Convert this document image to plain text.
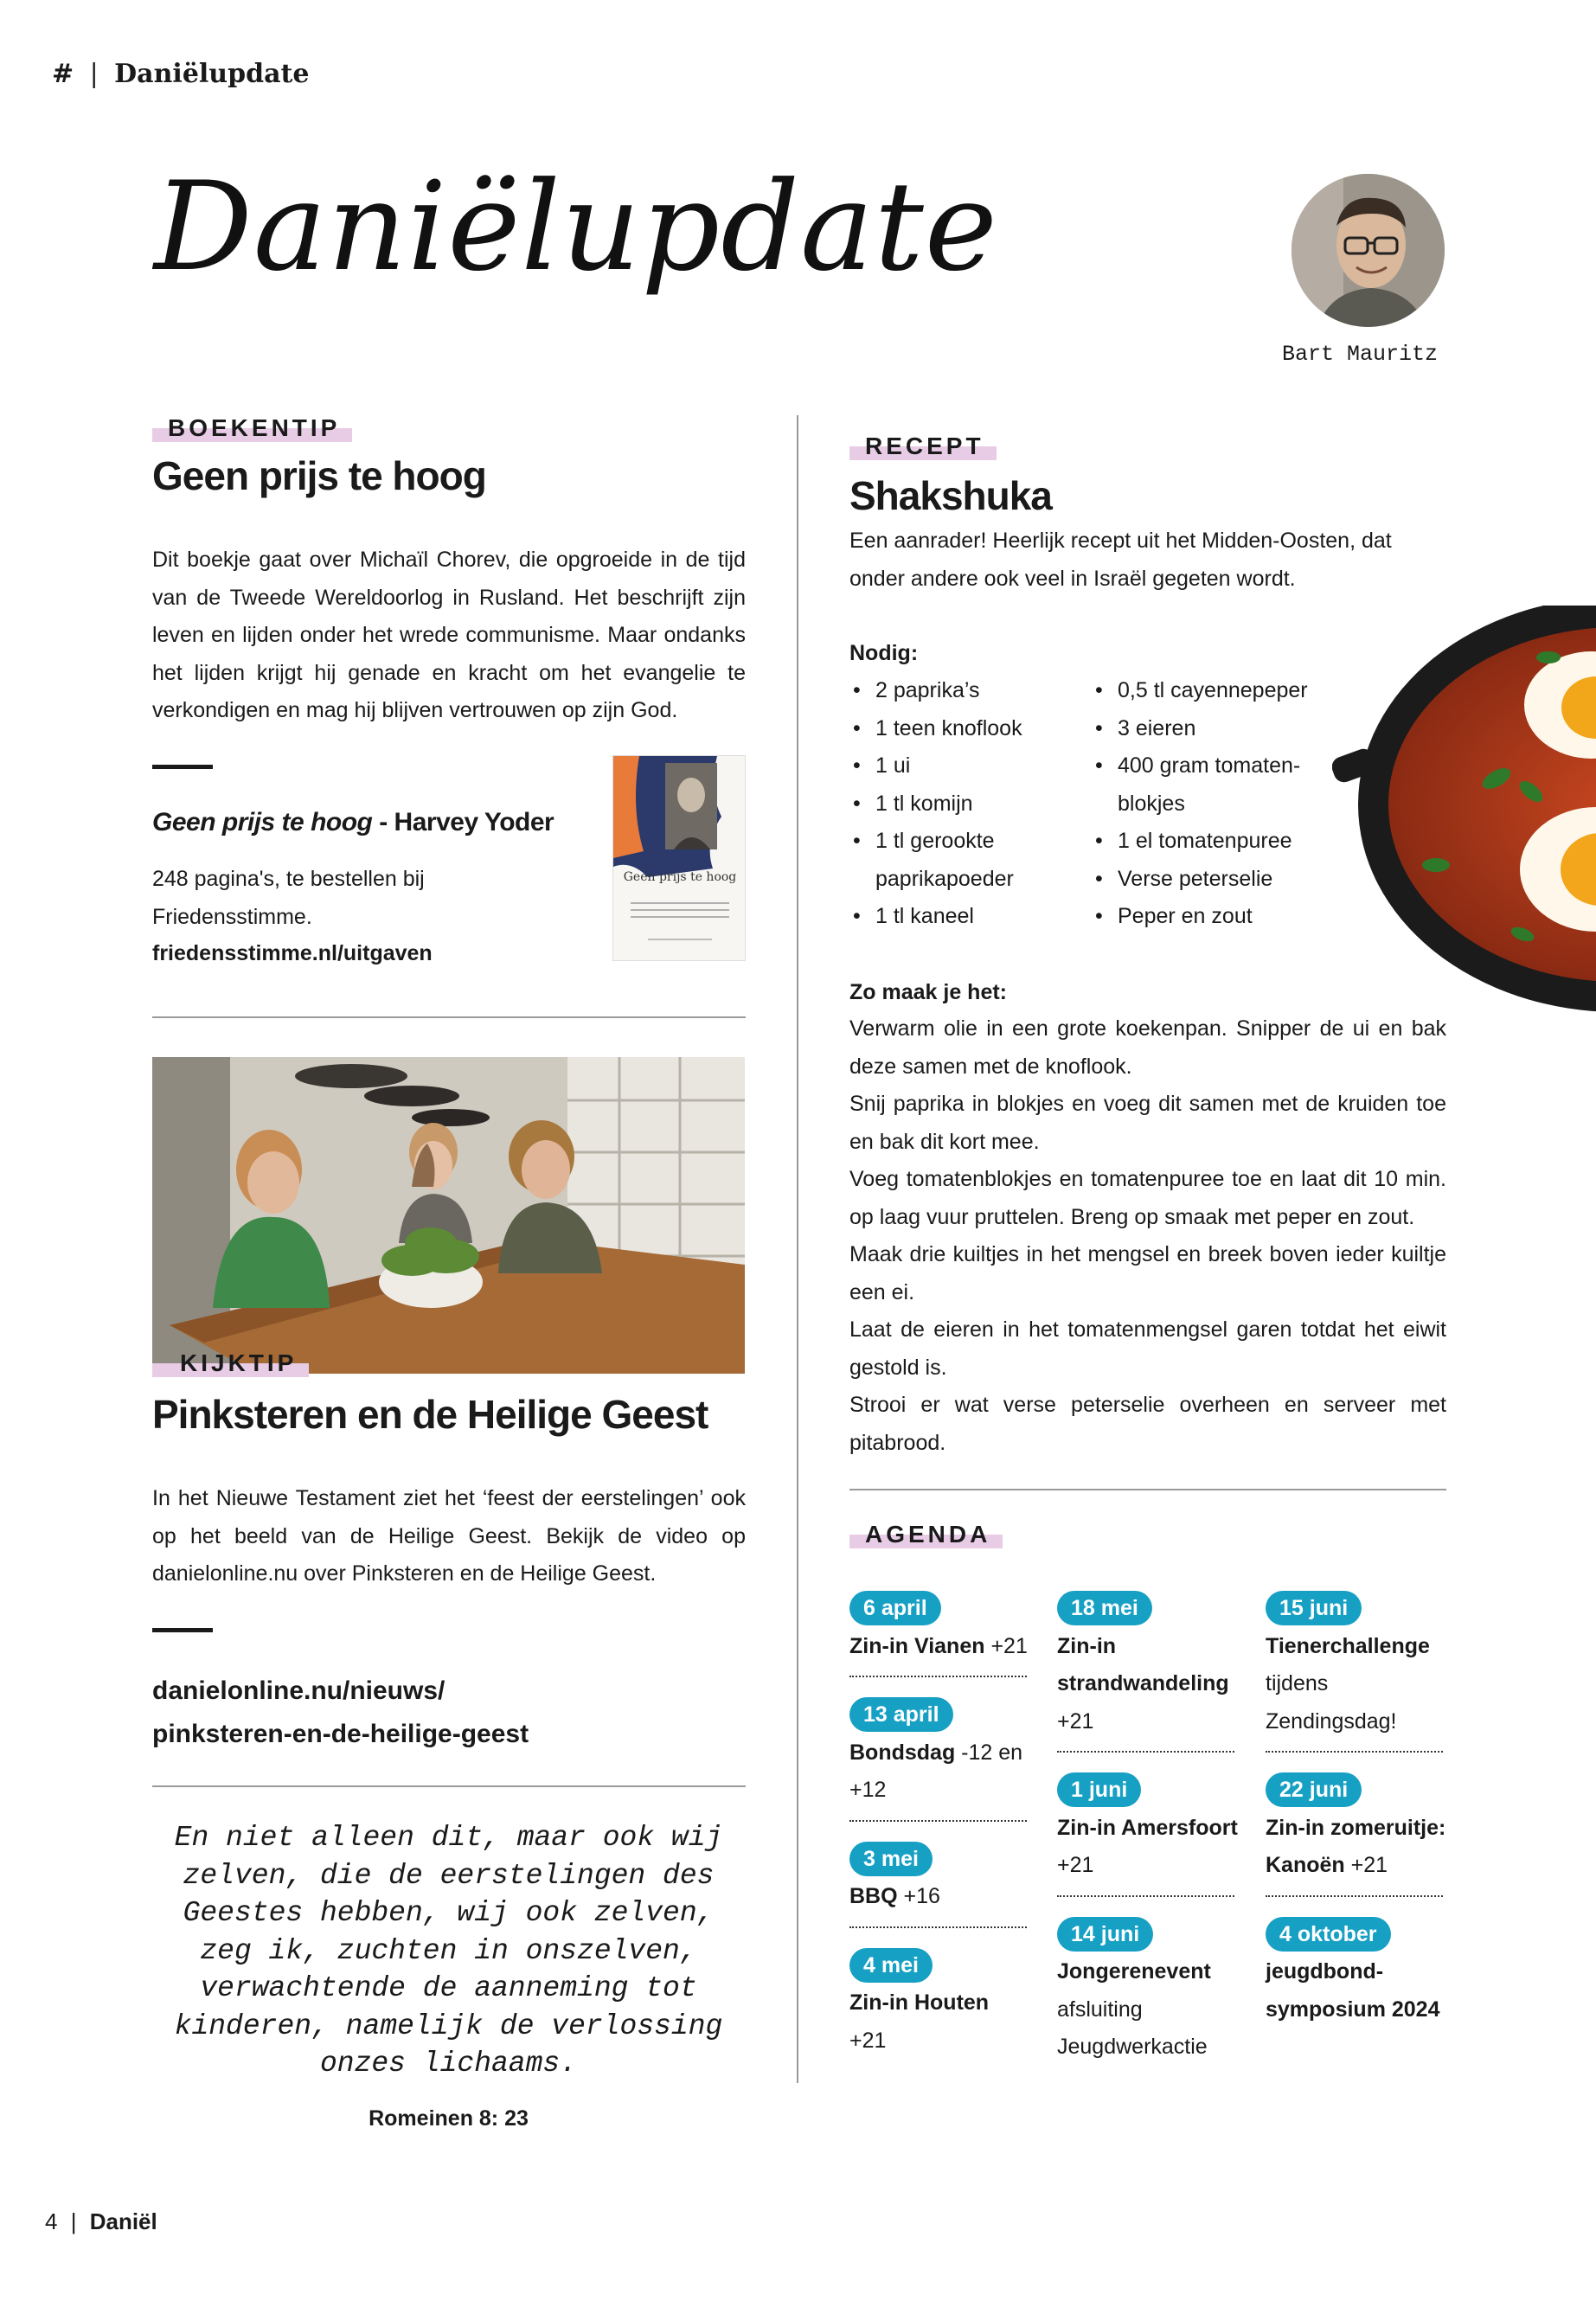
# | Daniëlupdate
Daniëlupdate
Bart Mauritz
BOEKENTIP
Geen prijs te hoog
Dit boekje gaat over Michaïl Chorev, die opgroeide in de tijd van de Tweede Wereldoorlog in Rusland. Het beschrijft zijn leven en lijden onder het wrede communisme. Maar ondanks het lijden krijgt hij genade en kracht om het evangelie te verkondigen en mag hij blijven vertrouwen op zijn God.
Geen prijs te hoog - Harvey Yoder
248 pagina's, te bestellen bij Friedensstimme.
friedensstimme.nl/uitgaven
Geen prijs te hoog
KIJKTIP
Pinksteren en de Heilige Geest
In het Nieuwe Testament ziet het ‘feest der eerstelingen’ ook op het beeld van de Heilige Geest. Bekijk de video op danielonline.nu over Pinksteren en de Heilige Geest.
danielonline.nu/nieuws/
pinksteren-en-de-heilige-geest
En niet alleen dit, maar ook wij zelven, die de eerstelingen des Geestes hebben, wij ook zelven, zeg ik, zuchten in onszelven, verwachtende de aanneming tot kinderen, namelijk de verlossing onzes lichaams.
Romeinen 8: 23
RECEPT
Shakshuka
Een aanrader! Heerlijk recept uit het Midden-Oosten, dat onder andere ook veel in Israël gegeten wordt.
Nodig:
• 2 paprika’s
• 1 teen knoflook
• 1 ui
• 1 tl komijn
• 1 tl gerookte paprikapoeder
• 1 tl kaneel
• 0,5 tl cayennepeper
• 3 eieren
• 400 gram tomaten-blokjes
• 1 el tomatenpuree
• Verse peterselie
• Peper en zout
Zo maak je het:
Verwarm olie in een grote koekenpan. Snipper de ui en bak deze samen met de knoflook.
Snij paprika in blokjes en voeg dit samen met de kruiden toe en bak dit kort mee.
Voeg tomatenblokjes en tomatenpuree toe en laat dit 10 min. op laag vuur pruttelen. Breng op smaak met peper en zout.
Maak drie kuiltjes in het mengsel en breek boven ieder kuiltje een ei.
Laat de eieren in het tomatenmengsel garen totdat het eiwit gestold is.
Strooi er wat verse peterselie overheen en serveer met pitabrood.
AGENDA
6 april
Zin-in Vianen +21
13 april
Bondsdag -12 en +12
3 mei
BBQ +16
4 mei
Zin-in Houten +21
18 mei
Zin-in strandwandeling +21
1 juni
Zin-in Amersfoort +21
14 juni
Jongerenevent afsluiting Jeugdwerkactie
15 juni
Tienerchallenge tijdens Zendingsdag!
22 juni
Zin-in zomeruitje: Kanoën +21
4 oktober
jeugdbond-symposium 2024
4 | Daniël
